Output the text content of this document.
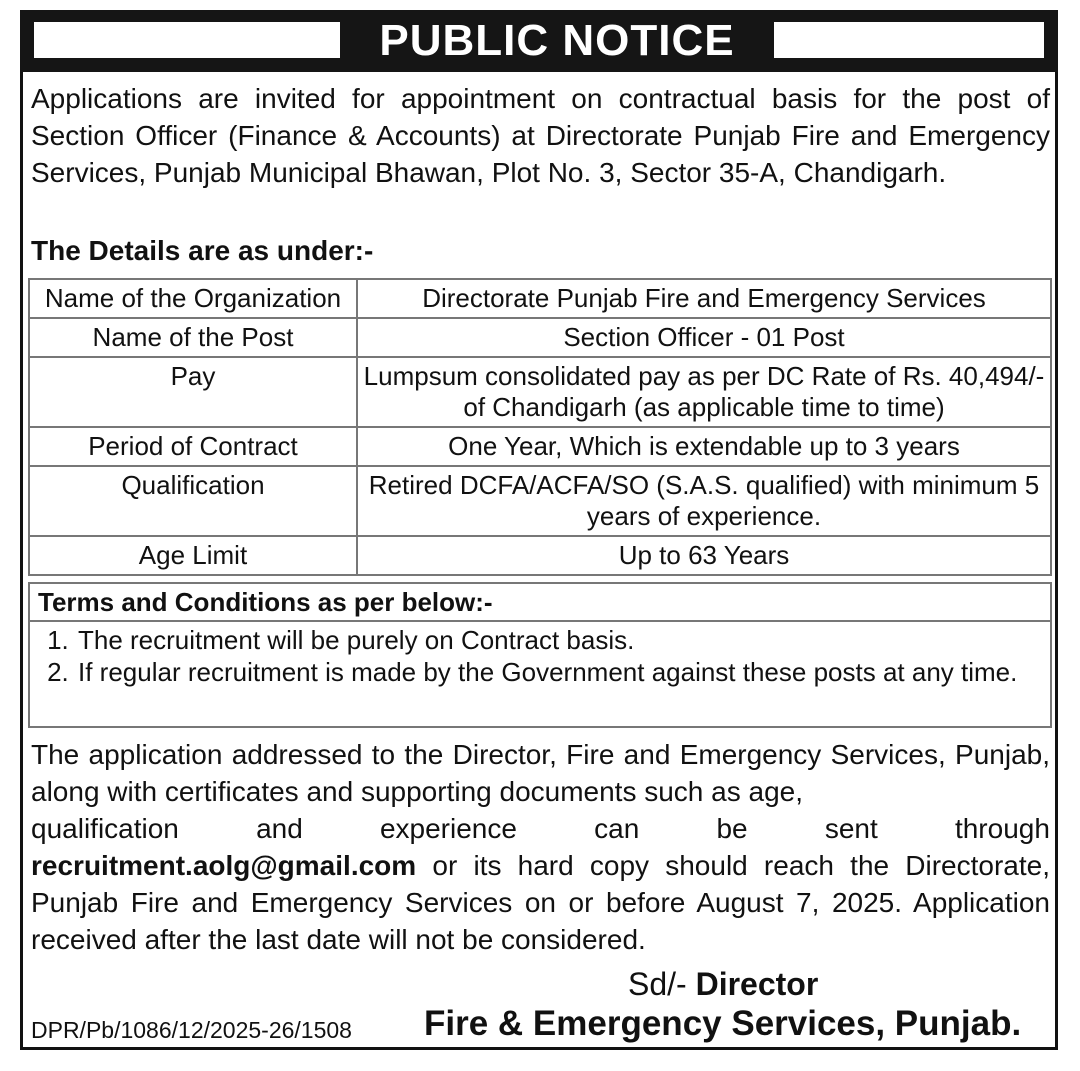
PUBLIC NOTICE
Applications are invited for appointment on contractual basis for the post of Section Officer (Finance & Accounts) at Directorate Punjab Fire and Emergency Services, Punjab Municipal Bhawan, Plot No. 3, Sector 35-A, Chandigarh.
The Details are as under:-
Name of the Organization	Directorate Punjab Fire and Emergency Services
Name of the Post	Section Officer - 01 Post
Pay	Lumpsum consolidated pay as per DC Rate of Rs. 40,494/- of Chandigarh (as applicable time to time)
Period of Contract	One Year, Which is extendable up to 3 years
Qualification	Retired DCFA/ACFA/SO (S.A.S. qualified) with minimum 5 years of experience.
Age Limit	Up to 63 Years
Terms and Conditions as per below:-
1. The recruitment will be purely on Contract basis.
2. If regular recruitment is made by the Government against these posts at any time.
The application addressed to the Director, Fire and Emergency Services, Punjab, along with certificates and supporting documents such as age,
qualification	and	experience	can	be	sent	through
recruitment.aolg@gmail.com or its hard copy should reach the Directorate, Punjab Fire and Emergency Services on or before August 7, 2025. Application received after the last date will not be considered.
Sd/- Director
DPR/Pb/1086/12/2025-26/1508 Fire & Emergency Services, Punjab.
